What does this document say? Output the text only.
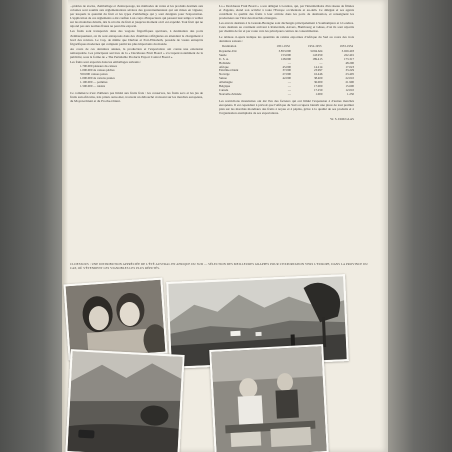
...ptables de stocks, d'emballage et d'entreposage, les méthodes de vente et les produits destinés aux colonies sont soumis aux règlementations sévères des gouvernementaux qui ont mises en vigueur, par lesquels la quantité du fruit et les types d'emballage qui y sont désignés pour l'exportation. L'application de ces règlements a été confiée à un corps d'inspecteurs qui passent leur temps à veiller sur les moindres détails, dès la récolte du fruit et jusqu'au moment où il est expédié. Tout fruit qui ne répond pas aux normes fixées ne peut être exporté.

Les fruits sont transportés dans des wagons frigorifiques spéciaux, à destination des ports d'embarquement, où ils sont entreposés dans des chambres réfrigérées en attendant le chargement à bord des navires. Le Cap, de même que Durban et Port-Elizabeth, possède de vastes entrepôts frigorifiques modernes qui comptent parmi les plus importants du monde.

Au cours de ces dernières années, la production et l'exportation ont connu une extension remarquable. Les principaux services de la « Deciduous Fruit Board » s'occupent notamment de la publicité, sous la forme de « The Perishable Products Export Control Board ».

Les fruits sont exportés dans les emballages suivants :

1.700.000 plateaux dé-caisses
1.000.000 de caisses pêches
550.000 caisses poires
1.000.000 de cartons prunes
1.100.000 — pommes
1.500.000 — raisins

Ce commerce n'est d'ailleurs pas limité aux fruits frais : les conserves, les fruits secs et les jus de fruits sud-africains, très prisés outre-mer, trouvent un débouché croissant sur les marchés européens, du Moyen-Orient et du Proche-Orient.

La « Deciduous Fruit Board » a son délégué à Londres, qui, par l'intermédiaire d'un réseau de filiales et d'agents, étend son activité à toute l'Europe occidentale et au-delà. Ce délégué et ses agents contrôlent la qualité des fruits à leur arrivée dans les ports de destination, et renseignent les producteurs sur l'état des marchés étrangers.

Les envois destinés à la Grande-Bretagne sont déchargés principalement à Southampton et à Londres. Ceux destinés au continent arrivent à Rotterdam, Anvers, Hambourg et Gênes, d'où ils sont répartis par chemin de fer et par route vers les principaux centres de consommation.

Le tableau ci-après indique les quantités de raisins exportées d'Afrique du Sud au cours des trois dernières saisons :

Destination	1951-1952	1952-1953	1953-1954
Royaume-Uni	3.853.000	3.094.624	3.029.403
Suède	153.000	143.959	222.401
U. S. A.	128.000	189.415	173.317
Hollande	—	—	48.290
Afrique	45.000	14.214	17.023
Extrême-Orient	37.000	23.997	33.229
Norvège	27.000	16.446	23.405
Suisse	42.000	38.400	22.010
Allemagne	—	36.000	21.990
Belgique	—	17.000	15.600
Canada	—	17.250	12.010
Nouvelle-Zélande	—	1.000	1.250

Les restrictions monétaires ont été l'un des facteurs qui ont limité l'expansion à d'autres marchés européens. Il est cependant à prévoir que l'Afrique du Sud occupera bientôt une place de tout premier plan sur les marchés mondiaux des fruits à noyau et à pépins, grâce à la qualité de ses produits et à l'organisation exemplaire de ses exportations.

W. S. DOUGLAS
CI-DESSOUS : UNE DISTRIBUTION APPRÉCIÉE DE L'ÉTÉ AUSTRAL EN AFRIQUE DU SUD — SÉLECTION DES MEILLEURES GRAPPES POUR L'EXPORTATION VERS L'EUROPE, DANS LA PROVINCE DU CAP, OÙ S'ÉTENDENT LES VIGNOBLES LES PLUS RÉPUTÉS.
